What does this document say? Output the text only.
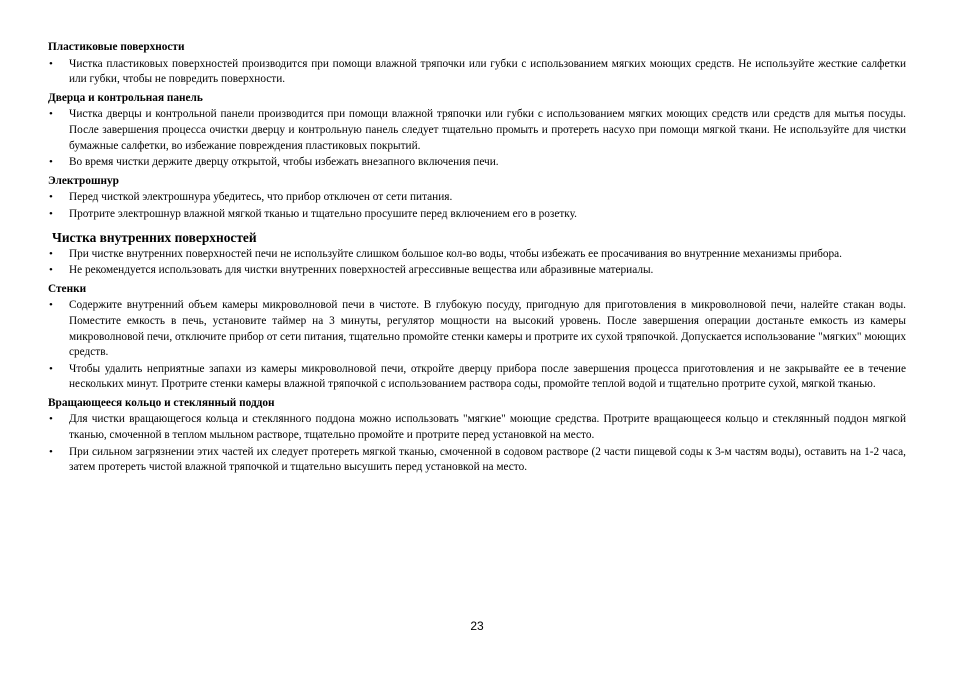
Пластиковые поверхности
• Чистка пластиковых поверхностей производится при помощи влажной тряпочки или губки с использованием мягких моющих средств. Не используйте жесткие салфетки или губки, чтобы не повредить поверхности.
Дверца и контрольная панель
• Чистка дверцы и контрольной панели производится при помощи влажной тряпочки или губки с использованием мягких моющих средств или средств для мытья посуды. После завершения процесса очистки дверцу и контрольную панель следует тщательно промыть и протереть насухо при помощи мягкой ткани. Не используйте для чистки бумажные салфетки, во избежание повреждения пластиковых покрытий.
• Во время чистки держите дверцу открытой, чтобы избежать внезапного включения печи.
Электрошнур
• Перед чисткой электрошнура убедитесь, что прибор отключен от сети питания.
• Протрите электрошнур влажной мягкой тканью и тщательно просушите перед включением его в розетку.
Чистка внутренних поверхностей
• При чистке внутренних поверхностей печи не используйте слишком большое кол-во воды, чтобы избежать ее просачивания во внутренние механизмы прибора.
• Не рекомендуется использовать для чистки внутренних поверхностей агрессивные вещества или абразивные материалы.
Стенки
• Содержите внутренний объем камеры микроволновой печи в чистоте. В глубокую посуду, пригодную для приготовления в микроволновой печи, налейте стакан воды. Поместите емкость в печь, установите таймер на 3 минуты, регулятор мощности на высокий уровень. После завершения операции достаньте емкость из камеры микроволновой печи, отключите прибор от сети питания, тщательно промойте стенки камеры и протрите их сухой тряпочкой. Допускается использование "мягких" моющих средств.
• Чтобы удалить неприятные запахи из камеры микроволновой печи, откройте дверцу прибора после завершения процесса приготовления и не закрывайте ее в течение нескольких минут. Протрите стенки камеры влажной тряпочкой с использованием раствора соды, промойте теплой водой и тщательно протрите сухой, мягкой тканью.
Вращающееся кольцо и стеклянный поддон
• Для чистки вращающегося кольца и стеклянного поддона можно использовать "мягкие" моющие средства. Протрите вращающееся кольцо и стеклянный поддон мягкой тканью, смоченной в теплом мыльном растворе, тщательно промойте и протрите перед установкой на место.
• При сильном загрязнении этих частей их следует протереть мягкой тканью, смоченной в содовом растворе (2 части пищевой соды к 3-м частям воды), оставить на 1-2 часа, затем протереть чистой влажной тряпочкой и тщательно высушить перед установкой на место.
23
